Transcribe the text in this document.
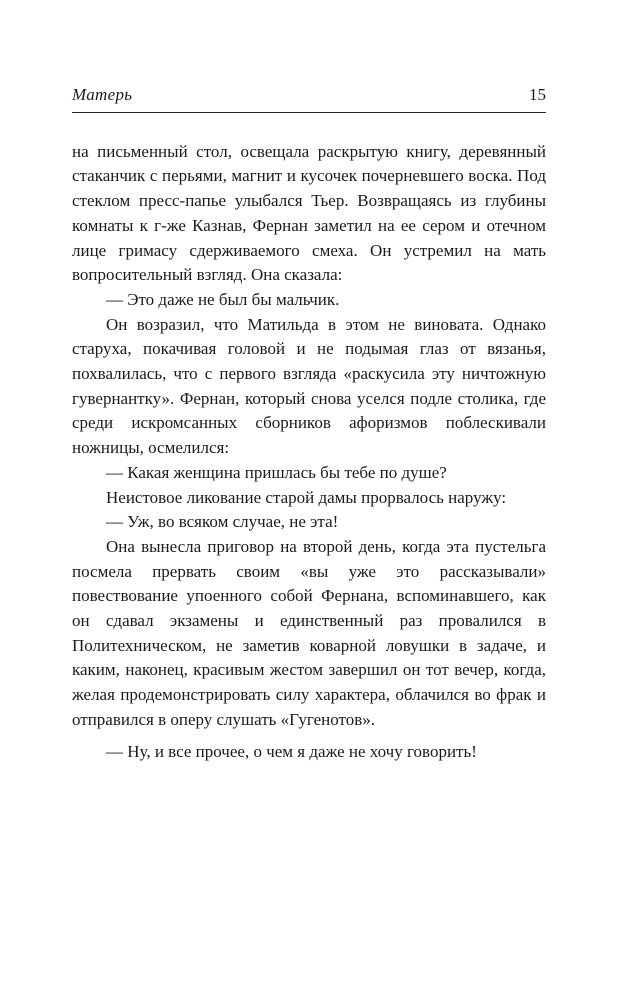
Матерь	15

на письменный стол, освещала раскрытую книгу, деревянный стаканчик с перьями, магнит и кусочек почерневшего воска. Под стеклом пресс-папье улыбался Тьер. Возвращаясь из глубины комнаты к г-же Казнав, Фернан заметил на ее сером и отечном лице гримасу сдерживаемого смеха. Он устремил на мать вопросительный взгляд. Она сказала:

— Это даже не был бы мальчик.

Он возразил, что Матильда в этом не виновата. Однако старуха, покачивая головой и не подымая глаз от вязанья, похвалилась, что с первого взгляда «раскусила эту ничтожную гувернантку». Фернан, который снова уселся подле столика, где среди искромсанных сборников афоризмов поблескивали ножницы, осмелился:

— Какая женщина пришлась бы тебе по душе?

Неистовое ликование старой дамы прорвалось наружу:

— Уж, во всяком случае, не эта!

Она вынесла приговор на второй день, когда эта пустельга посмела прервать своим «вы уже это рассказывали» повествование упоенного собой Фернана, вспоминавшего, как он сдавал экзамены и единственный раз провалился в Политехническом, не заметив коварной ловушки в задаче, и каким, наконец, красивым жестом завершил он тот вечер, когда, желая продемонстрировать силу характера, облачился во фрак и отправился в оперу слушать «Гугенотов».

— Ну, и все прочее, о чем я даже не хочу говорить!
